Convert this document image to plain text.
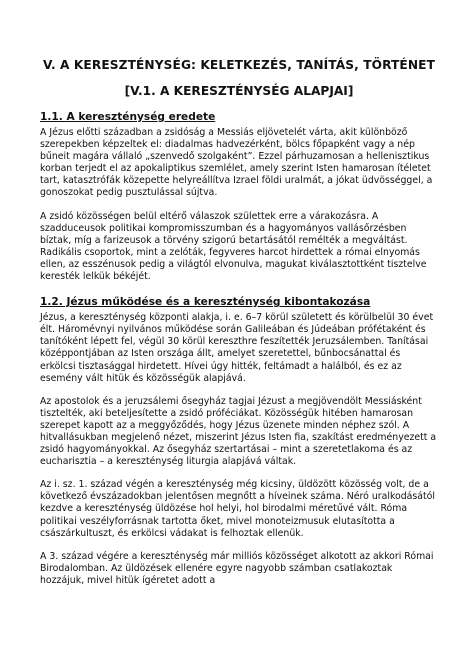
V. A KERESZTÉNYSÉG: KELETKEZÉS, TANÍTÁS, TÖRTÉNET
[V.1. A KERESZTÉNYSÉG ALAPJAI]
1.1. A kereszténység eredete

A Jézus előtti században a zsidóság a Messiás eljövetelét várta, akit különböző szerepekben képzeltek el: diadalmas hadvezérként, bölcs főpapként vagy a nép bűneit magára vállaló „szenvedő szolgaként”. Ezzel párhuzamosan a hellenisztikus korban terjedt el az apokaliptikus szemlélet, amely szerint Isten hamarosan ítéletet tart, katasztrófák közepette helyreállítva Izrael földi uralmát, a jókat üdvösséggel, a gonoszokat pedig pusztulással sújtva.

A zsidó közösségen belül eltérő válaszok születtek erre a várakozásra. A szadduceusok politikai kompromisszumban és a hagyományos vallásőrzésben bíztak, míg a farizeusok a törvény szigorú betartásától remélték a megváltást. Radikális csoportok, mint a zelóták, fegyveres harcot hirdettek a római elnyomás ellen, az esszénusok pedig a világtól elvonulva, magukat kiválasztottként tisztelve keresték lelkük békéjét.

1.2. Jézus működése és a kereszténység kibontakozása

Jézus, a kereszténység központi alakja, i. e. 6–7 körül született és körülbelül 30 évet élt. Háromévnyi nyilvános működése során Galileában és Júdeában prófétaként és tanítóként lépett fel, végül 30 körül kereszthre feszítették Jeruzsálemben. Tanításai középpontjában az Isten országa állt, amelyet szeretettel, bűnbocsánattal és erkölcsi tisztasággal hirdetett. Hívei úgy hitték, feltámadt a halálból, és ez az esemény vált hitük és közösségük alapjává.

Az apostolok és a jeruzsálemi ősegyház tagjai Jézust a megjövendölt Messiásként tisztelték, aki beteljesítette a zsidó próféciákat. Közösségük hitében hamarosan szerepet kapott az a meggyőződés, hogy Jézus üzenete minden néphez szól. A hitvallásukban megjelenő nézet, miszerint Jézus Isten fia, szakítást eredményezett a zsidó hagyományokkal. Az ősegyház szertartásai – mint a szeretetlakoma és az eucharisztia – a kereszténység liturgia alapjává váltak.

Az i. sz. 1. század végén a kereszténység még kicsiny, üldözött közösség volt, de a következő évszázadokban jelentősen megnőtt a híveinek száma. Néró uralkodásától kezdve a kereszténység üldözése hol helyi, hol birodalmi méretűvé vált. Róma politikai veszélyforrásnak tartotta őket, mivel monoteizmusuk elutasította a császárkultuszt, és erkölcsi vádakat is felhoztak ellenük.

A 3. század végére a kereszténység már milliós közösséget alkotott az akkori Római Birodalomban. Az üldözések ellenére egyre nagyobb számban csatlakoztak hozzájuk, mivel hitük ígéretet adott a
